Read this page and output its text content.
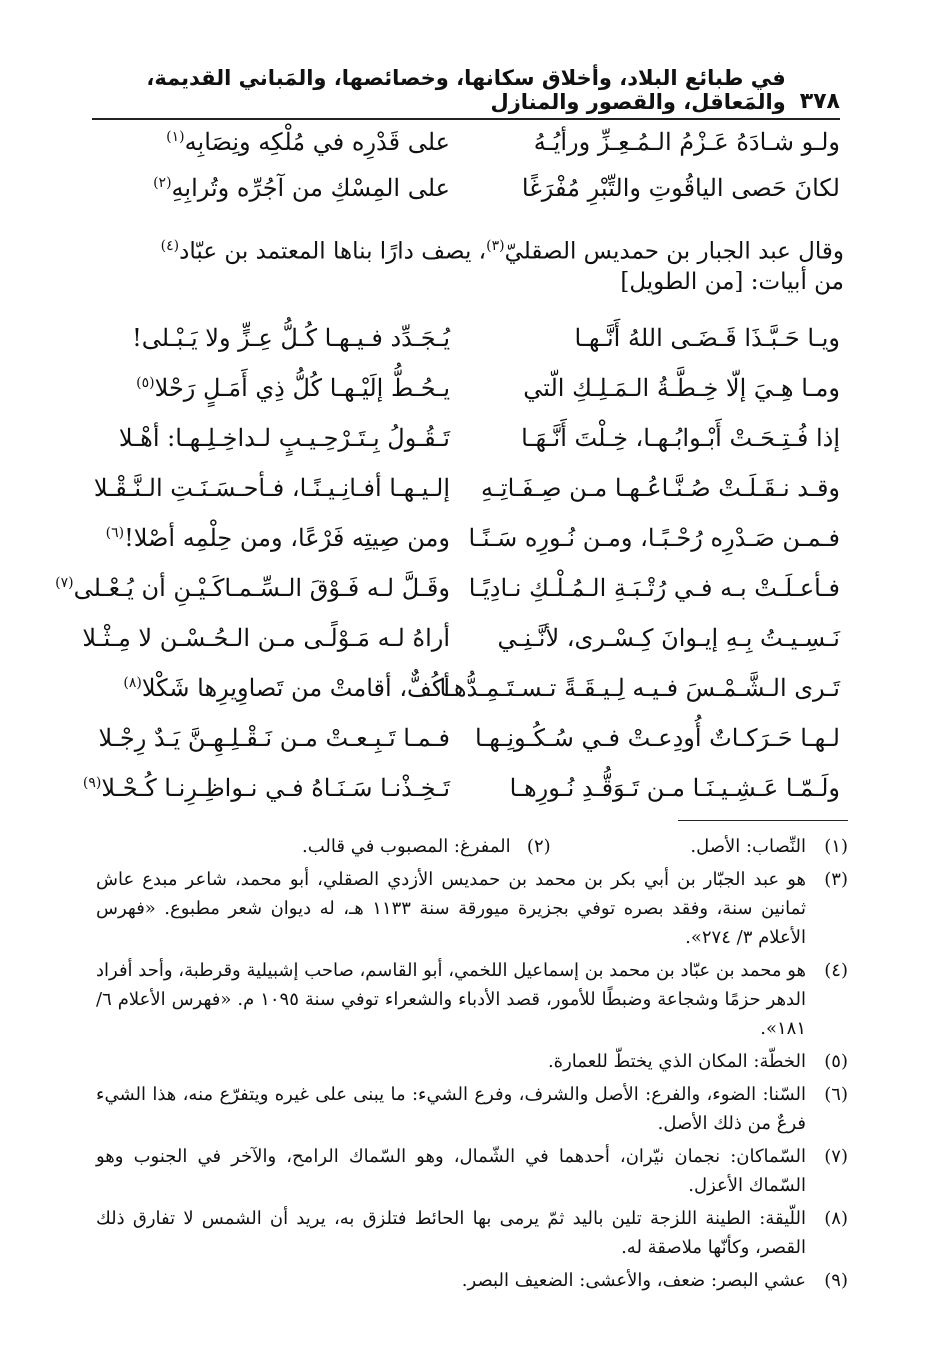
٣٧٨
في طبائع البلاد، وأخلاق سكانها، وخصائصها، والمَباني القديمة، والمَعاقل، والقصور والمنازل
ولـو شـادَهُ عَـزْمُ الـمُـعِـزِّ ورأيُـهُ
على قَدْرِه في مُلْكِه ونِصَابِه$^{(١)}$
لكانَ حَصى الياقُوتِ والتِّبْرِ مُفْرَغًا
على المِسْكِ من آجُرِّه وتُرابِهِ$^{(٢)}$
وقال عبد الجبار بن حمديس الصقليّ$^{(٣)}$، يصف دارًا بناها المعتمد بن عبّاد$^{(٤)}$
من أبيات: [من الطويل]
ويـا حَـبَّـذَا قَـضَـى اللهُ أَنَّـهـا
يُـجَـدِّد فـيـهـا كُـلُّ عِـزٍّ ولا يَـبْـلى!
ومـا هِـيَ إلّا خِـطَّـةُ الـمَـلِـكِ الّتي
يـحُـطُّ إلَيْـهـا كُلُّ ذِي أَمَـلٍ رَحْلا$^{(٥)}$
إذا فُـتِـحَـتْ أَبْـوابُـهـا، خِـلْتَ أَنَّـهَـا
تَـقُـولُ بِـتَـرْحِـيـبٍ لـداخِـلِـهـا: أهْـلا
وقـد نـقَـلَـتْ صُـنَّـاعُـهـا مـن صِـفَـاتِـهِ
إلـيـهـا أفـانِـيـنًـا، فـأحـسَـنَـتِ الـنَّـقْـلا
فـمـن صَـدْرِه رُحْـبًـا، ومـن نُـورِه سَـنًـا
ومن صِيتِه فَرْعًا، ومن حِلْمِه أصْلا!$^{(٦)}$
فـأعـلَـتْ بـه فـي رُتْـبَـةِ الـمُـلْـكِ نـادِيًـا
وقَـلَّ لـه فَـوْقَ الـسِّـمـاكَـيْـنِ أن يُـعْـلى$^{(٧)}$
نَـسِـيـتُ بِـهِ إيـوانَ كِـسْـرى، لأنَّـنِـي
أراهُ لـه مَـوْلًـى مـن الـحُـسْـن لا مِـثْـلا
تَـرى الـشَّـمْـسَ فـيـه لِـيـقَـةً تـسـتَـمِـدُّهـا
أكُفٌّ، أقامتْ من تَصاوِيرِها شَكْلا$^{(٨)}$
لـهـا حَـرَكـاتٌ أُودِعـتْ فـي سُـكُـونِـهـا
فـمـا تَـبِـعـتْ مـن نَـقْـلِـهِـنَّ يَـدٌ رِجْـلا
ولَـمّـا عَـشِـيـنَـا مـن تَـوَقُّـدِ نُـورِهـا
تَـخِـذْنـا سَـنَـاهُ فـي نـواظِـرِنـا كُـحْـلا$^{(٩)}$
(١)
النِّصاب: الأصل.
(٢)
المفرغ: المصبوب في قالب.
(٣)
هو عبد الجبّار بن أبي بكر بن محمد بن حمديس الأزدي الصقلي، أبو محمد، شاعر مبدع عاش ثمانين سنة، وفقد بصره توفي بجزيرة ميورقة سنة ١١٣٣ هـ، له ديوان شعر مطبوع. «فهرس الأعلام ٣/ ٢٧٤».
(٤)
هو محمد بن عبّاد بن محمد بن إسماعيل اللخمي، أبو القاسم، صاحب إشبيلية وقرطبة، وأحد أفراد الدهر حزمًا وشجاعة وضبطًا للأمور، قصد الأدباء والشعراء توفي سنة ١٠٩٥ م. «فهرس الأعلام ٦/ ١٨١».
(٥)
الخطّة: المكان الذي يختطّ للعمارة.
(٦)
السّنا: الضوء، والفرع: الأصل والشرف، وفرع الشيء: ما يبنى على غيره ويتفرّع منه، هذا الشيء فرعٌ من ذلك الأصل.
(٧)
السّماكان: نجمان نيّران، أحدهما في الشّمال، وهو السّماك الرامح، والآخر في الجنوب وهو السّماك الأعزل.
(٨)
اللّيقة: الطينة اللزجة تلين باليد ثمّ يرمى بها الحائط فتلزق به، يريد أن الشمس لا تفارق ذلك القصر، وكأنّها ملاصقة له.
(٩)
عشي البصر: ضعف، والأعشى: الضعيف البصر.
